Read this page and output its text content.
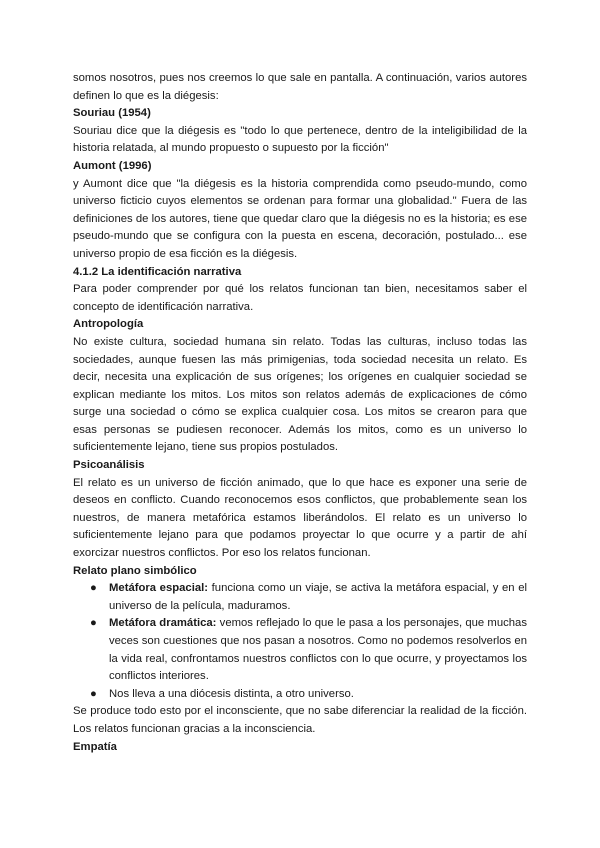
somos nosotros, pues nos creemos lo que sale en pantalla. A continuación, varios autores definen lo que es la diégesis:

Souriau (1954)

Souriau dice que la diégesis es "todo lo que pertenece, dentro de la inteligibilidad de la historia relatada, al mundo propuesto o supuesto por la ficción"

Aumont (1996)

y Aumont dice que "la diégesis es la historia comprendida como pseudo-mundo, como universo ficticio cuyos elementos se ordenan para formar una globalidad." Fuera de las definiciones de los autores, tiene que quedar claro que la diégesis no es la historia; es ese pseudo-mundo que se configura con la puesta en escena, decoración, postulado... ese universo propio de esa ficción es la diégesis.

4.1.2 La identificación narrativa

Para poder comprender por qué los relatos funcionan tan bien, necesitamos saber el concepto de identificación narrativa.

Antropología

No existe cultura, sociedad humana sin relato. Todas las culturas, incluso todas las sociedades, aunque fuesen las más primigenias, toda sociedad necesita un relato. Es decir, necesita una explicación de sus orígenes; los orígenes en cualquier sociedad se explican mediante los mitos. Los mitos son relatos además de explicaciones de cómo surge una sociedad o cómo se explica cualquier cosa. Los mitos se crearon para que esas personas se pudiesen reconocer. Además los mitos, como es un universo lo suficientemente lejano, tiene sus propios postulados.

Psicoanálisis

El relato es un universo de ficción animado, que lo que hace es exponer una serie de deseos en conflicto. Cuando reconocemos esos conflictos, que probablemente sean los nuestros, de manera metafórica estamos liberándolos. El relato es un universo lo suficientemente lejano para que podamos proyectar lo que ocurre y a partir de ahí exorcizar nuestros conflictos. Por eso los relatos funcionan.

Relato plano simbólico

● Metáfora espacial: funciona como un viaje, se activa la metáfora espacial, y en el universo de la película, maduramos.
● Metáfora dramática: vemos reflejado lo que le pasa a los personajes, que muchas veces son cuestiones que nos pasan a nosotros. Como no podemos resolverlos en la vida real, confrontamos nuestros conflictos con lo que ocurre, y proyectamos los conflictos interiores.
● Nos lleva a una diócesis distinta, a otro universo.

Se produce todo esto por el inconsciente, que no sabe diferenciar la realidad de la ficción. Los relatos funcionan gracias a la inconsciencia.

Empatía
